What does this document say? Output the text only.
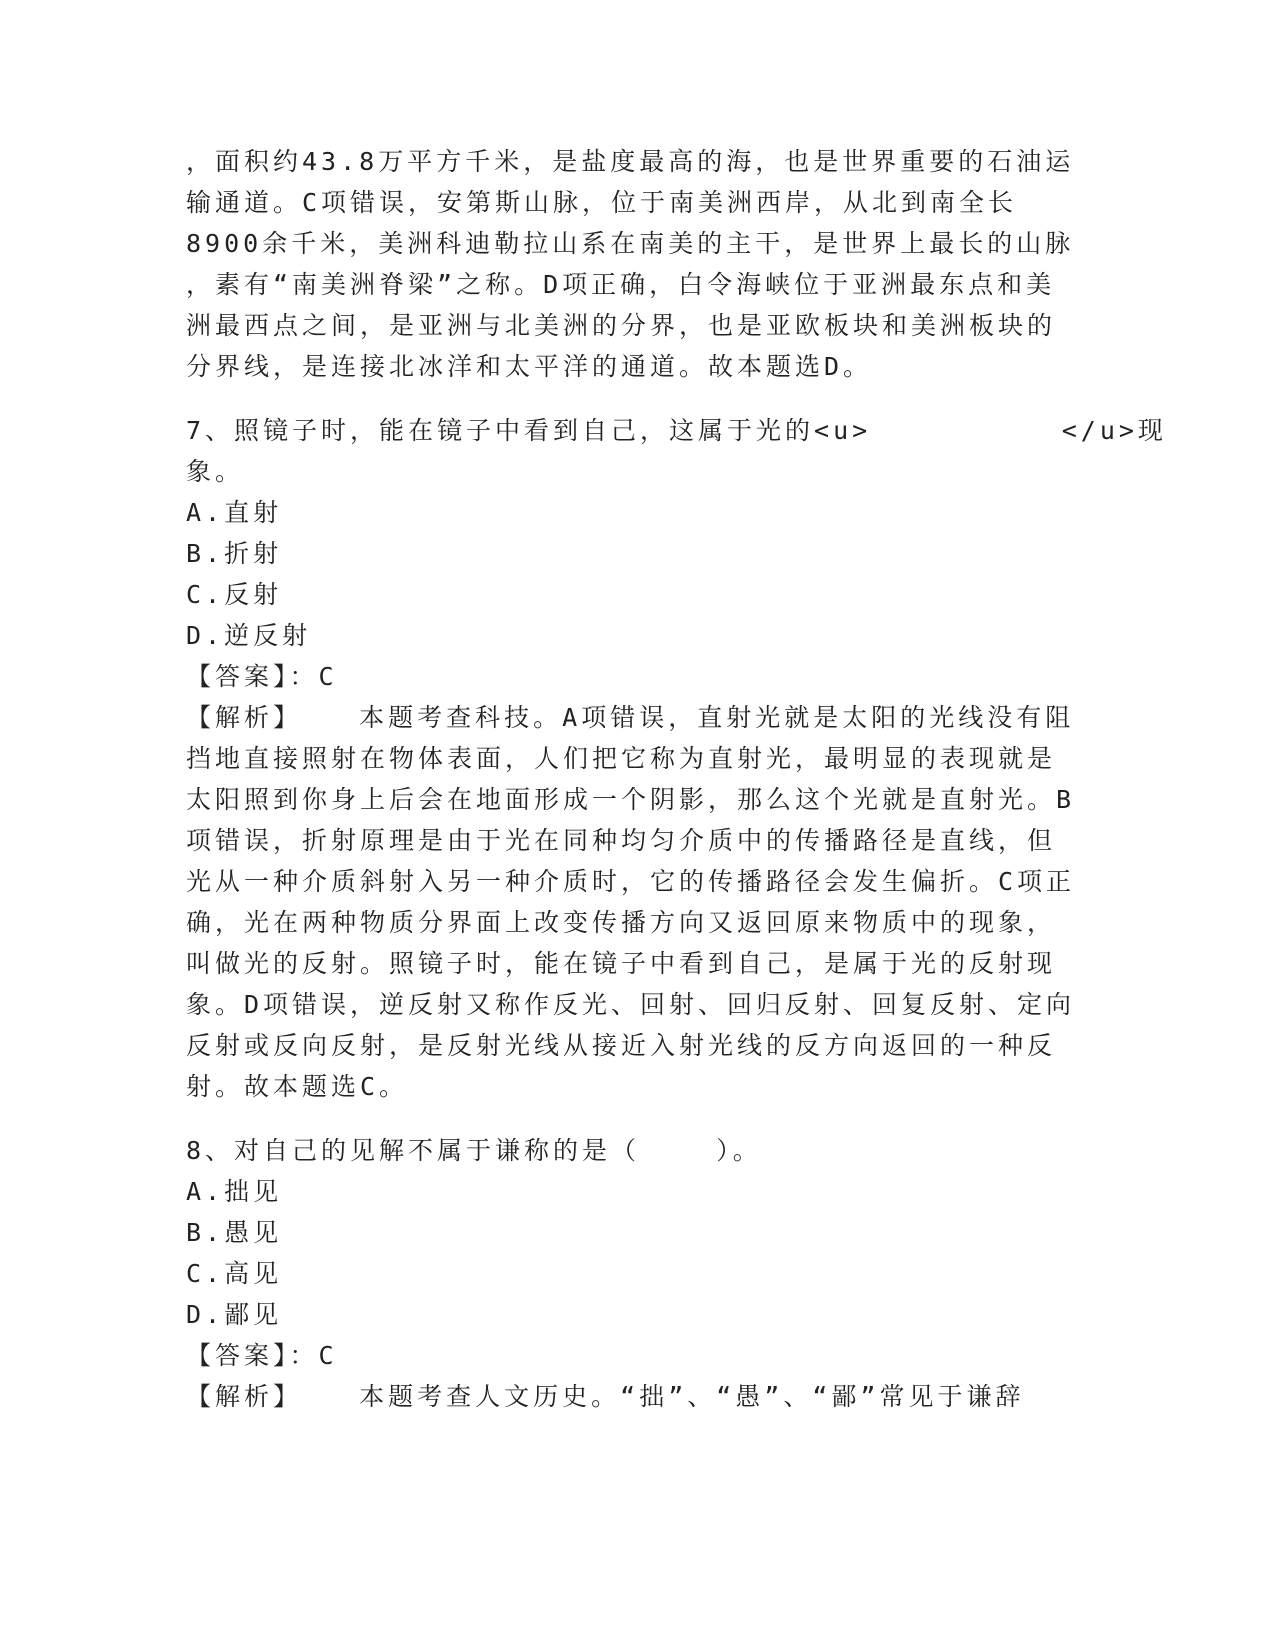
，面积约43.8万平方千米，是盐度最高的海，也是世界重要的石油运
输通道。C项错误，安第斯山脉，位于南美洲西岸，从北到南全长
8900余千米，美洲科迪勒拉山系在南美的主干，是世界上最长的山脉
，素有“南美洲脊梁”之称。D项正确，白令海峡位于亚洲最东点和美
洲最西点之间，是亚洲与北美洲的分界，也是亚欧板块和美洲板块的
分界线，是连接北冰洋和太平洋的通道。故本题选D。
7、照镜子时，能在镜子中看到自己，这属于光的<u>          </u>现
象。
A.直射
B.折射
C.反射
D.逆反射
【答案】：C
【解析】   本题考查科技。A项错误，直射光就是太阳的光线没有阻
挡地直接照射在物体表面，人们把它称为直射光，最明显的表现就是
太阳照到你身上后会在地面形成一个阴影，那么这个光就是直射光。B
项错误，折射原理是由于光在同种均匀介质中的传播路径是直线，但
光从一种介质斜射入另一种介质时，它的传播路径会发生偏折。C项正
确，光在两种物质分界面上改变传播方向又返回原来物质中的现象，
叫做光的反射。照镜子时，能在镜子中看到自己，是属于光的反射现
象。D项错误，逆反射又称作反光、回射、回归反射、回复反射、定向
反射或反向反射，是反射光线从接近入射光线的反方向返回的一种反
射。故本题选C。
8、对自己的见解不属于谦称的是（    ）。
A.拙见
B.愚见
C.高见
D.鄙见
【答案】：C
【解析】   本题考查人文历史。“拙”、“愚”、“鄙”常见于谦辞
